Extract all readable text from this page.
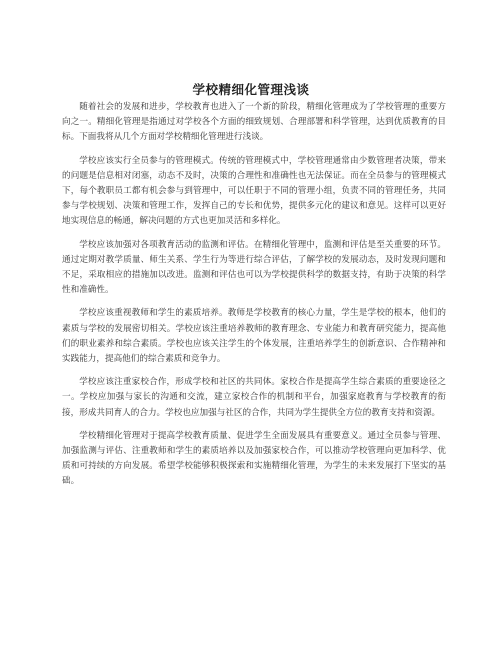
学校精细化管理浅谈

随着社会的发展和进步，学校教育也进入了一个新的阶段，精细化管理成为了学校管理的重要方向之一。精细化管理是指通过对学校各个方面的细致规划、合理部署和科学管理，达到优质教育的目标。下面我将从几个方面对学校精细化管理进行浅谈。

学校应该实行全员参与的管理模式。传统的管理模式中，学校管理通常由少数管理者决策，带来的问题是信息相对闭塞，动态不及时，决策的合理性和准确性也无法保证。而在全员参与的管理模式下，每个教职员工都有机会参与到管理中，可以任职于不同的管理小组，负责不同的管理任务，共同参与学校规划、决策和管理工作，发挥自己的专长和优势，提供多元化的建议和意见。这样可以更好地实现信息的畅通，解决问题的方式也更加灵活和多样化。

学校应该加强对各项教育活动的监测和评估。在精细化管理中，监测和评估是至关重要的环节。通过定期对教学质量、师生关系、学生行为等进行综合评估，了解学校的发展动态，及时发现问题和不足，采取相应的措施加以改进。监测和评估也可以为学校提供科学的数据支持，有助于决策的科学性和准确性。

学校应该重视教师和学生的素质培养。教师是学校教育的核心力量，学生是学校的根本，他们的素质与学校的发展密切相关。学校应该注重培养教师的教育理念、专业能力和教育研究能力，提高他们的职业素养和综合素质。学校也应该关注学生的个体发展，注重培养学生的创新意识、合作精神和实践能力，提高他们的综合素质和竞争力。

学校应该注重家校合作，形成学校和社区的共同体。家校合作是提高学生综合素质的重要途径之一。学校应加强与家长的沟通和交流，建立家校合作的机制和平台，加强家庭教育与学校教育的衔接，形成共同育人的合力。学校也应加强与社区的合作，共同为学生提供全方位的教育支持和资源。

学校精细化管理对于提高学校教育质量、促进学生全面发展具有重要意义。通过全员参与管理、加强监测与评估、注重教师和学生的素质培养以及加强家校合作，可以推动学校管理向更加科学、优质和可持续的方向发展。希望学校能够积极探索和实施精细化管理，为学生的未来发展打下坚实的基础。
